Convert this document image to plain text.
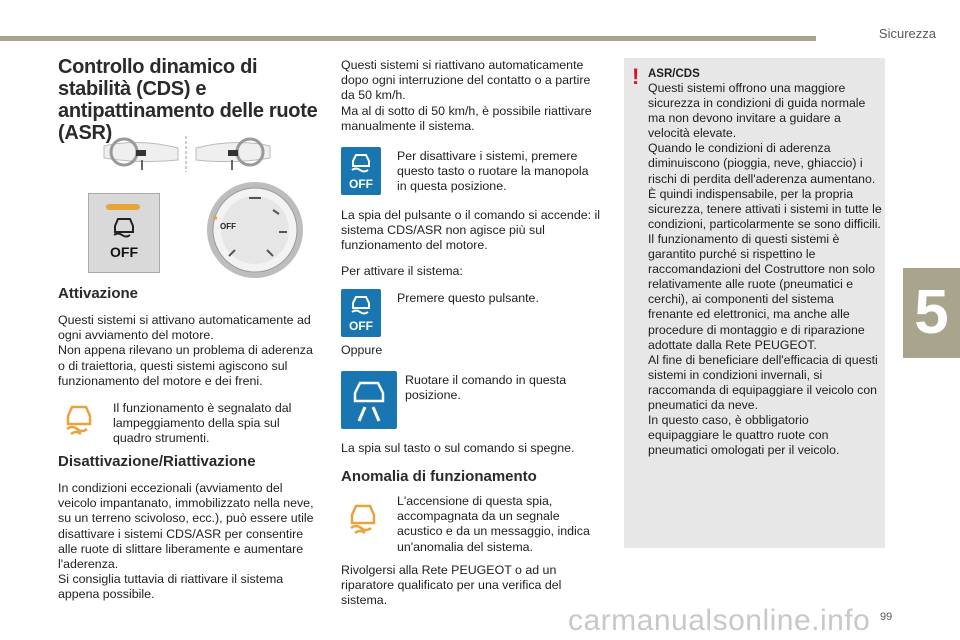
Sicurezza
5
Controllo dinamico di stabilità (CDS) e antipattinamento delle ruote (ASR)
OFF
OFF
Attivazione
Questi sistemi si attivano automaticamente ad ogni avviamento del motore.
Non appena rilevano un problema di aderenza o di traiettoria, questi sistemi agiscono sul funzionamento del motore e dei freni.
Il funzionamento è segnalato dal lampeggiamento della spia sul quadro strumenti.
Disattivazione/Riattivazione
In condizioni eccezionali (avviamento del veicolo impantanato, immobilizzato nella neve, su un terreno scivoloso, ecc.), può essere utile disattivare i sistemi CDS/ASR per consentire alle ruote di slittare liberamente e aumentare l'aderenza.
Si consiglia tuttavia di riattivare il sistema appena possibile.
Questi sistemi si riattivano automaticamente dopo ogni interruzione del contatto o a partire da 50 km/h.
Ma al di sotto di 50 km/h, è possibile riattivare manualmente il sistema.
OFF
Per disattivare i sistemi, premere questo tasto o ruotare la manopola in questa posizione.
La spia del pulsante o il comando si accende: il sistema CDS/ASR non agisce più sul funzionamento del motore.
Per attivare il sistema:
OFF
Premere questo pulsante.
Oppure
Ruotare il comando in questa posizione.
La spia sul tasto o sul comando si spegne.
Anomalia di funzionamento
L'accensione di questa spia, accompagnata da un segnale acustico e da un messaggio, indica un'anomalia del sistema.
Rivolgersi alla Rete PEUGEOT o ad un riparatore qualificato per una verifica del sistema.
! ASR/CDS
Questi sistemi offrono una maggiore sicurezza in condizioni di guida normale ma non devono invitare a guidare a velocità elevate.
Quando le condizioni di aderenza diminuiscono (pioggia, neve, ghiaccio) i rischi di perdita dell'aderenza aumentano.
È quindi indispensabile, per la propria sicurezza, tenere attivati i sistemi in tutte le condizioni, particolarmente se sono difficili.
Il funzionamento di questi sistemi è garantito purché si rispettino le raccomandazioni del Costruttore non solo relativamente alle ruote (pneumatici e cerchi), ai componenti del sistema frenante ed elettronici, ma anche alle procedure di montaggio e di riparazione adottate dalla Rete PEUGEOT.
Al fine di beneficiare dell'efficacia di questi sistemi in condizioni invernali, si raccomanda di equipaggiare il veicolo con pneumatici da neve.
In questo caso, è obbligatorio equipaggiare le quattro ruote con pneumatici omologati per il veicolo.
99
carmanualsonline.info
